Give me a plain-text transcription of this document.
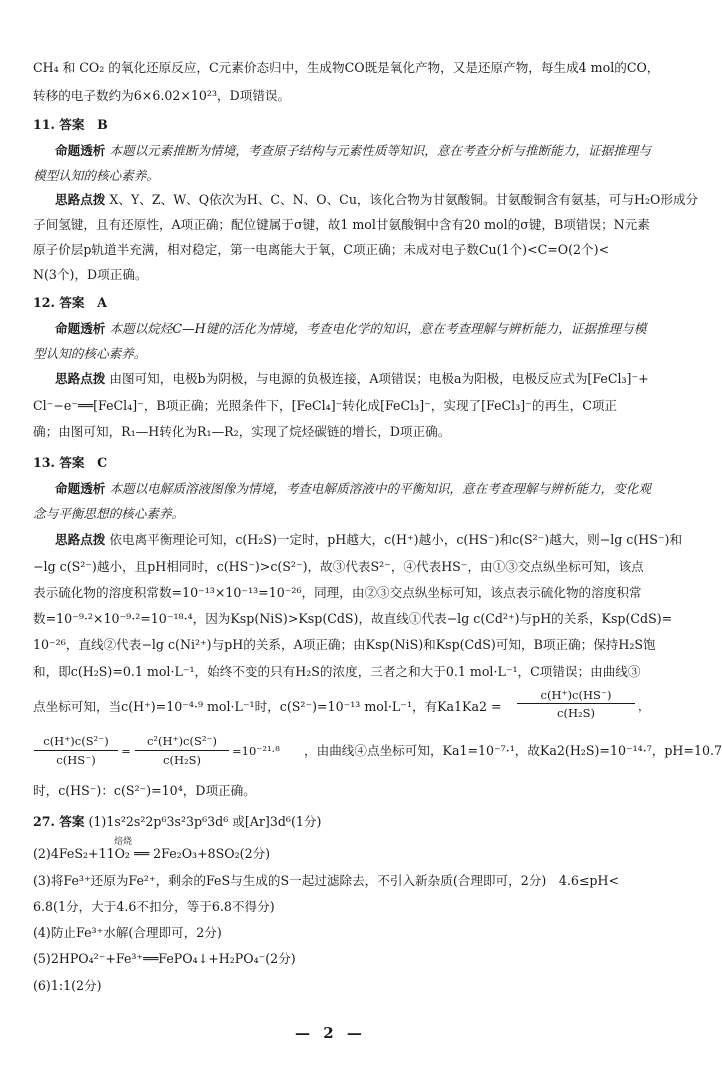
CH₄ 和 CO₂ 的氧化还原反应，C元素价态归中，生成物CO既是氧化产物，又是还原产物，每生成4 mol的CO，
转移的电子数约为6×6.02×10²³，D项错误。
11. 答案　B
命题透析 本题以元素推断为情境，考查原子结构与元素性质等知识，意在考查分析与推断能力，证据推理与
模型认知的核心素养。
思路点拨 X、Y、Z、W、Q依次为H、C、N、O、Cu，该化合物为甘氨酸铜。甘氨酸铜含有氨基，可与H₂O形成分
子间氢键，且有还原性，A项正确；配位键属于σ键，故1 mol甘氨酸铜中含有20 mol的σ键，B项错误；N元素
原子价层p轨道半充满，相对稳定，第一电离能大于氧，C项正确；未成对电子数Cu(1个)<C=O(2个)<
N(3个)，D项正确。
12. 答案　A
命题透析 本题以烷烃C—H键的活化为情境，考查电化学的知识，意在考查理解与辨析能力，证据推理与模
型认知的核心素养。
思路点拨 由图可知，电极b为阴极，与电源的负极连接，A项错误；电极a为阳极，电极反应式为[FeCl₃]⁻+
Cl⁻−e⁻══[FeCl₄]⁻，B项正确；光照条件下，[FeCl₄]⁻转化成[FeCl₃]⁻，实现了[FeCl₃]⁻的再生，C项正
确；由图可知，R₁—H转化为R₁—R₂，实现了烷烃碳链的增长，D项正确。
13. 答案　C
命题透析 本题以电解质溶液图像为情境，考查电解质溶液中的平衡知识，意在考查理解与辨析能力，变化观
念与平衡思想的核心素养。
思路点拨 依电离平衡理论可知，c(H₂S)一定时，pH越大，c(H⁺)越小，c(HS⁻)和c(S²⁻)越大，则−lg c(HS⁻)和
−lg c(S²⁻)越小，且pH相同时，c(HS⁻)>c(S²⁻)，故③代表S²⁻，④代表HS⁻，由①③交点纵坐标可知，该点
表示硫化物的溶度积常数=10⁻¹³×10⁻¹³=10⁻²⁶，同理，由②③交点纵坐标可知，该点表示硫化物的溶度积常
数=10⁻⁹·²×10⁻⁹·²=10⁻¹⁸·⁴，因为Ksp(NiS)>Ksp(CdS)，故直线①代表−lg c(Cd²⁺)与pH的关系，Ksp(CdS)=
10⁻²⁶，直线②代表−lg c(Ni²⁺)与pH的关系，A项正确；由Ksp(NiS)和Ksp(CdS)可知，B项正确；保持H₂S饱
和，即c(H₂S)=0.1 mol·L⁻¹，始终不变的只有H₂S的浓度，三者之和大于0.1 mol·L⁻¹，C项错误；由曲线③
点坐标可知，当c(H⁺)=10⁻⁴·⁹ mol·L⁻¹时，c(S²⁻)=10⁻¹³ mol·L⁻¹，有Ka1Ka2 =
c(H⁺)c(HS⁻)
c(H₂S)	，
c(H⁺)c(S²⁻)
c(HS⁻)
=
c²(H⁺)c(S²⁻)
c(H₂S)
=10⁻²¹·⁸	，由曲线④点坐标可知，Ka1=10⁻⁷·¹，故Ka2(H₂S)=10⁻¹⁴·⁷，pH=10.7
时，c(HS⁻)：c(S²⁻)=10⁴，D项正确。
27. 答案 (1)1s²2s²2p⁶3s²3p⁶3d⁶ 或[Ar]3d⁶(1分)
焙烧
(2)4FeS₂+11O₂ ══ 2Fe₂O₃+8SO₂(2分)
(3)将Fe³⁺还原为Fe²⁺，剩余的FeS与生成的S一起过滤除去，不引入新杂质(合理即可，2分)　4.6≤pH<
6.8(1分，大于4.6不扣分，等于6.8不得分)
(4)防止Fe³⁺水解(合理即可，2分)
(5)2HPO₄²⁻+Fe³⁺══FePO₄↓+H₂PO₄⁻(2分)
(6)1:1(2分)
— 2 —
